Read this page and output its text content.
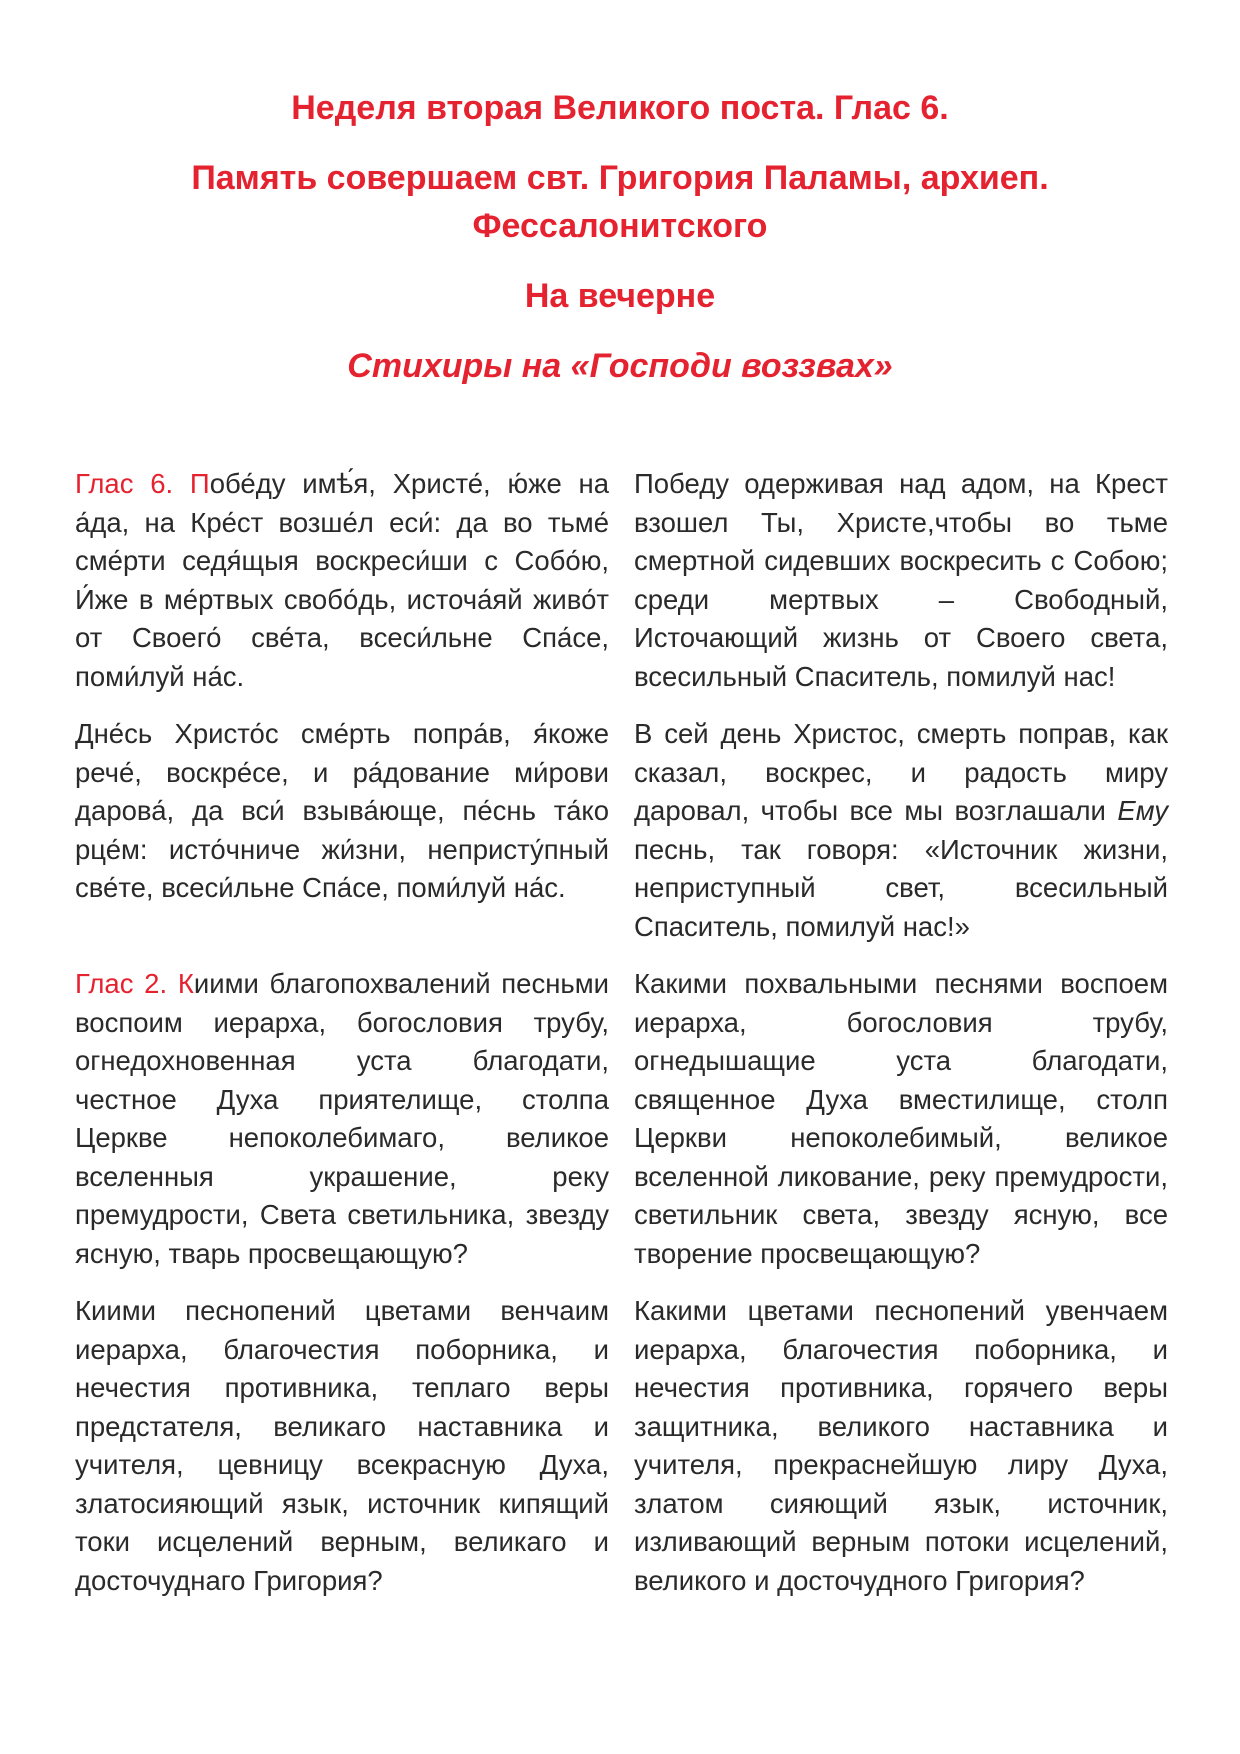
Неделя вторая Великого поста. Глас 6.
Память совершаем свт. Григория Паламы, архиеп. Фессалонитского
На вечерне
Стихиры на «Господи воззвах»
Глас 6. Побе́ду имѣ́я, Христе́, ю́же на а́да, на Кре́ст возше́л еси́: да во тьме́ сме́рти седя́щыя воскреси́ши с Собо́ю, И́же в ме́ртвых свобо́дь, источа́яй живо́т от Своего́ све́та, всеси́льне Спа́се, поми́луй на́с.
Победу одерживая над адом, на Крест взошел Ты, Христе,чтобы во тьме смертной сидевших воскресить с Собою; среди мертвых – Свободный, Источающий жизнь от Своего света, всесильный Спаситель, помилуй нас!
Дне́сь Христо́с сме́рть попра́в, я́коже рече́, воскре́се, и ра́дование ми́рови дарова́, да вси́ взыва́юще, пе́снь та́ко рце́м: исто́чниче жи́зни, непристу́пный све́те, всеси́льне Спа́се, поми́луй на́с.
В сей день Христос, смерть поправ, как сказал, воскрес, и радость миру даровал, чтобы все мы возглашали Ему песнь, так говоря: «Источник жизни, неприступный свет, всесильный Спаситель, помилуй нас!»
Глас 2. Киими благопохвалений песньми воспоим иерарха, богословия трубу, огнедохновенная уста благодати, честное Духа приятелище, столпа Церкве непоколебимаго, великое вселенныя украшение, реку премудрости, Света светильника, звезду ясную, тварь просвещающую?
Какими похвальными песнями воспоем иерарха, богословия трубу, огнедышащие уста благодати, священное Духа вместилище, столп Церкви непоколебимый, великое вселенной ликование, реку премудрости, светильник света, звезду ясную, все творение просвещающую?
Киими песнопений цветами венчаим иерарха, благочестия поборника, и нечестия противника, теплаго веры предстателя, великаго наставника и учителя, цевницу всекрасную Духа, златосияющий язык, источник кипящий токи исцелений верным, великаго и досточуднаго Григория?
Какими цветами песнопений увенчаем иерарха, благочестия поборника, и нечестия противника, горячего веры защитника, великого наставника и учителя, прекраснейшую лиру Духа, златом сияющий язык, источник, изливающий верным потоки исцелений, великого и досточудного Григория?
